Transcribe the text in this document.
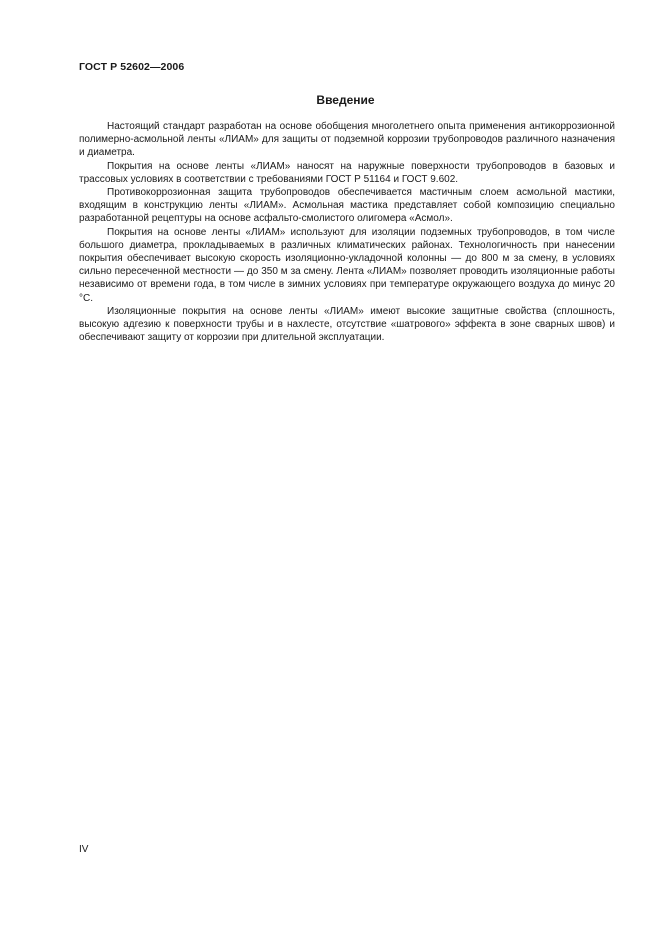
ГОСТ Р 52602—2006
Введение

Настоящий стандарт разработан на основе обобщения многолетнего опыта применения антикоррозионной полимерно-асмольной ленты «ЛИАМ» для защиты от подземной коррозии трубопроводов различного назначения и диаметра.

Покрытия на основе ленты «ЛИАМ» наносят на наружные поверхности трубопроводов в базовых и трассовых условиях в соответствии с требованиями ГОСТ Р 51164 и ГОСТ 9.602.

Противокоррозионная защита трубопроводов обеспечивается мастичным слоем асмольной мастики, входящим в конструкцию ленты «ЛИАМ». Асмольная мастика представляет собой композицию специально разработанной рецептуры на основе асфальто-смолистого олигомера «Асмол».

Покрытия на основе ленты «ЛИАМ» используют для изоляции подземных трубопроводов, в том числе большого диаметра, прокладываемых в различных климатических районах. Технологичность при нанесении покрытия обеспечивает высокую скорость изоляционно-укладочной колонны — до 800 м за смену, в условиях сильно пересеченной местности — до 350 м за смену. Лента «ЛИАМ» позволяет проводить изоляционные работы независимо от времени года, в том числе в зимних условиях при температуре окружающего воздуха до минус 20 °С.

Изоляционные покрытия на основе ленты «ЛИАМ» имеют высокие защитные свойства (сплошность, высокую адгезию к поверхности трубы и в нахлесте, отсутствие «шатрового» эффекта в зоне сварных швов) и обеспечивают защиту от коррозии при длительной эксплуатации.

IV
